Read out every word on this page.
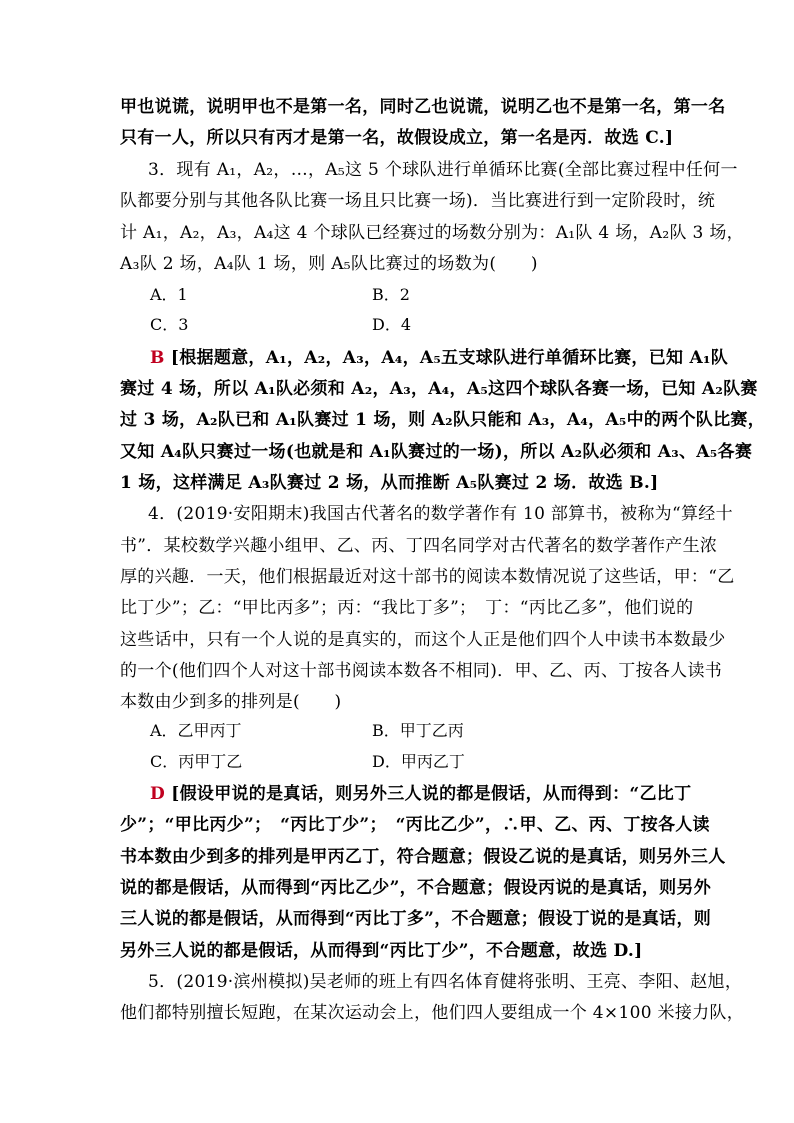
甲也说谎，说明甲也不是第一名，同时乙也说谎，说明乙也不是第一名，第一名
只有一人，所以只有丙才是第一名，故假设成立，第一名是丙．故选 C.]
3．现有 A₁，A₂，…，A₅这 5 个球队进行单循环比赛(全部比赛过程中任何一
队都要分别与其他各队比赛一场且只比赛一场)．当比赛进行到一定阶段时，统
计 A₁，A₂，A₃，A₄这 4 个球队已经赛过的场数分别为：A₁队 4 场，A₂队 3 场，
A₃队 2 场，A₄队 1 场，则 A₅队比赛过的场数为(　　)
A．1	B．2
C．3	D．4
B [根据题意，A₁，A₂，A₃，A₄，A₅五支球队进行单循环比赛，已知 A₁队
赛过 4 场，所以 A₁队必须和 A₂，A₃，A₄，A₅这四个球队各赛一场，已知 A₂队赛
过 3 场，A₂队已和 A₁队赛过 1 场，则 A₂队只能和 A₃，A₄，A₅中的两个队比赛，
又知 A₄队只赛过一场(也就是和 A₁队赛过的一场)，所以 A₂队必须和 A₃、A₅各赛
1 场，这样满足 A₃队赛过 2 场，从而推断 A₅队赛过 2 场．故选 B.]
4．(2019·安阳期末)我国古代著名的数学著作有 10 部算书，被称为“算经十
书”．某校数学兴趣小组甲、乙、丙、丁四名同学对古代著名的数学著作产生浓
厚的兴趣．一天，他们根据最近对这十部书的阅读本数情况说了这些话，甲：“乙
比丁少”；乙：“甲比丙多”；丙：“我比丁多”；　丁：“丙比乙多”，他们说的
这些话中，只有一个人说的是真实的，而这个人正是他们四个人中读书本数最少
的一个(他们四个人对这十部书阅读本数各不相同)．甲、乙、丙、丁按各人读书
本数由少到多的排列是(　　)
A．乙甲丙丁	B．甲丁乙丙
C．丙甲丁乙	D．甲丙乙丁
D [假设甲说的是真话，则另外三人说的都是假话，从而得到：“乙比丁
少”；“甲比丙少”；　“丙比丁少”；　“丙比乙少”，∴甲、乙、丙、丁按各人读
书本数由少到多的排列是甲丙乙丁，符合题意；假设乙说的是真话，则另外三人
说的都是假话，从而得到“丙比乙少”，不合题意；假设丙说的是真话，则另外
三人说的都是假话，从而得到“丙比丁多”，不合题意；假设丁说的是真话，则
另外三人说的都是假话，从而得到“丙比丁少”，不合题意，故选 D.]
5．(2019·滨州模拟)吴老师的班上有四名体育健将张明、王亮、李阳、赵旭，
他们都特别擅长短跑，在某次运动会上，他们四人要组成一个 4×100 米接力队，
